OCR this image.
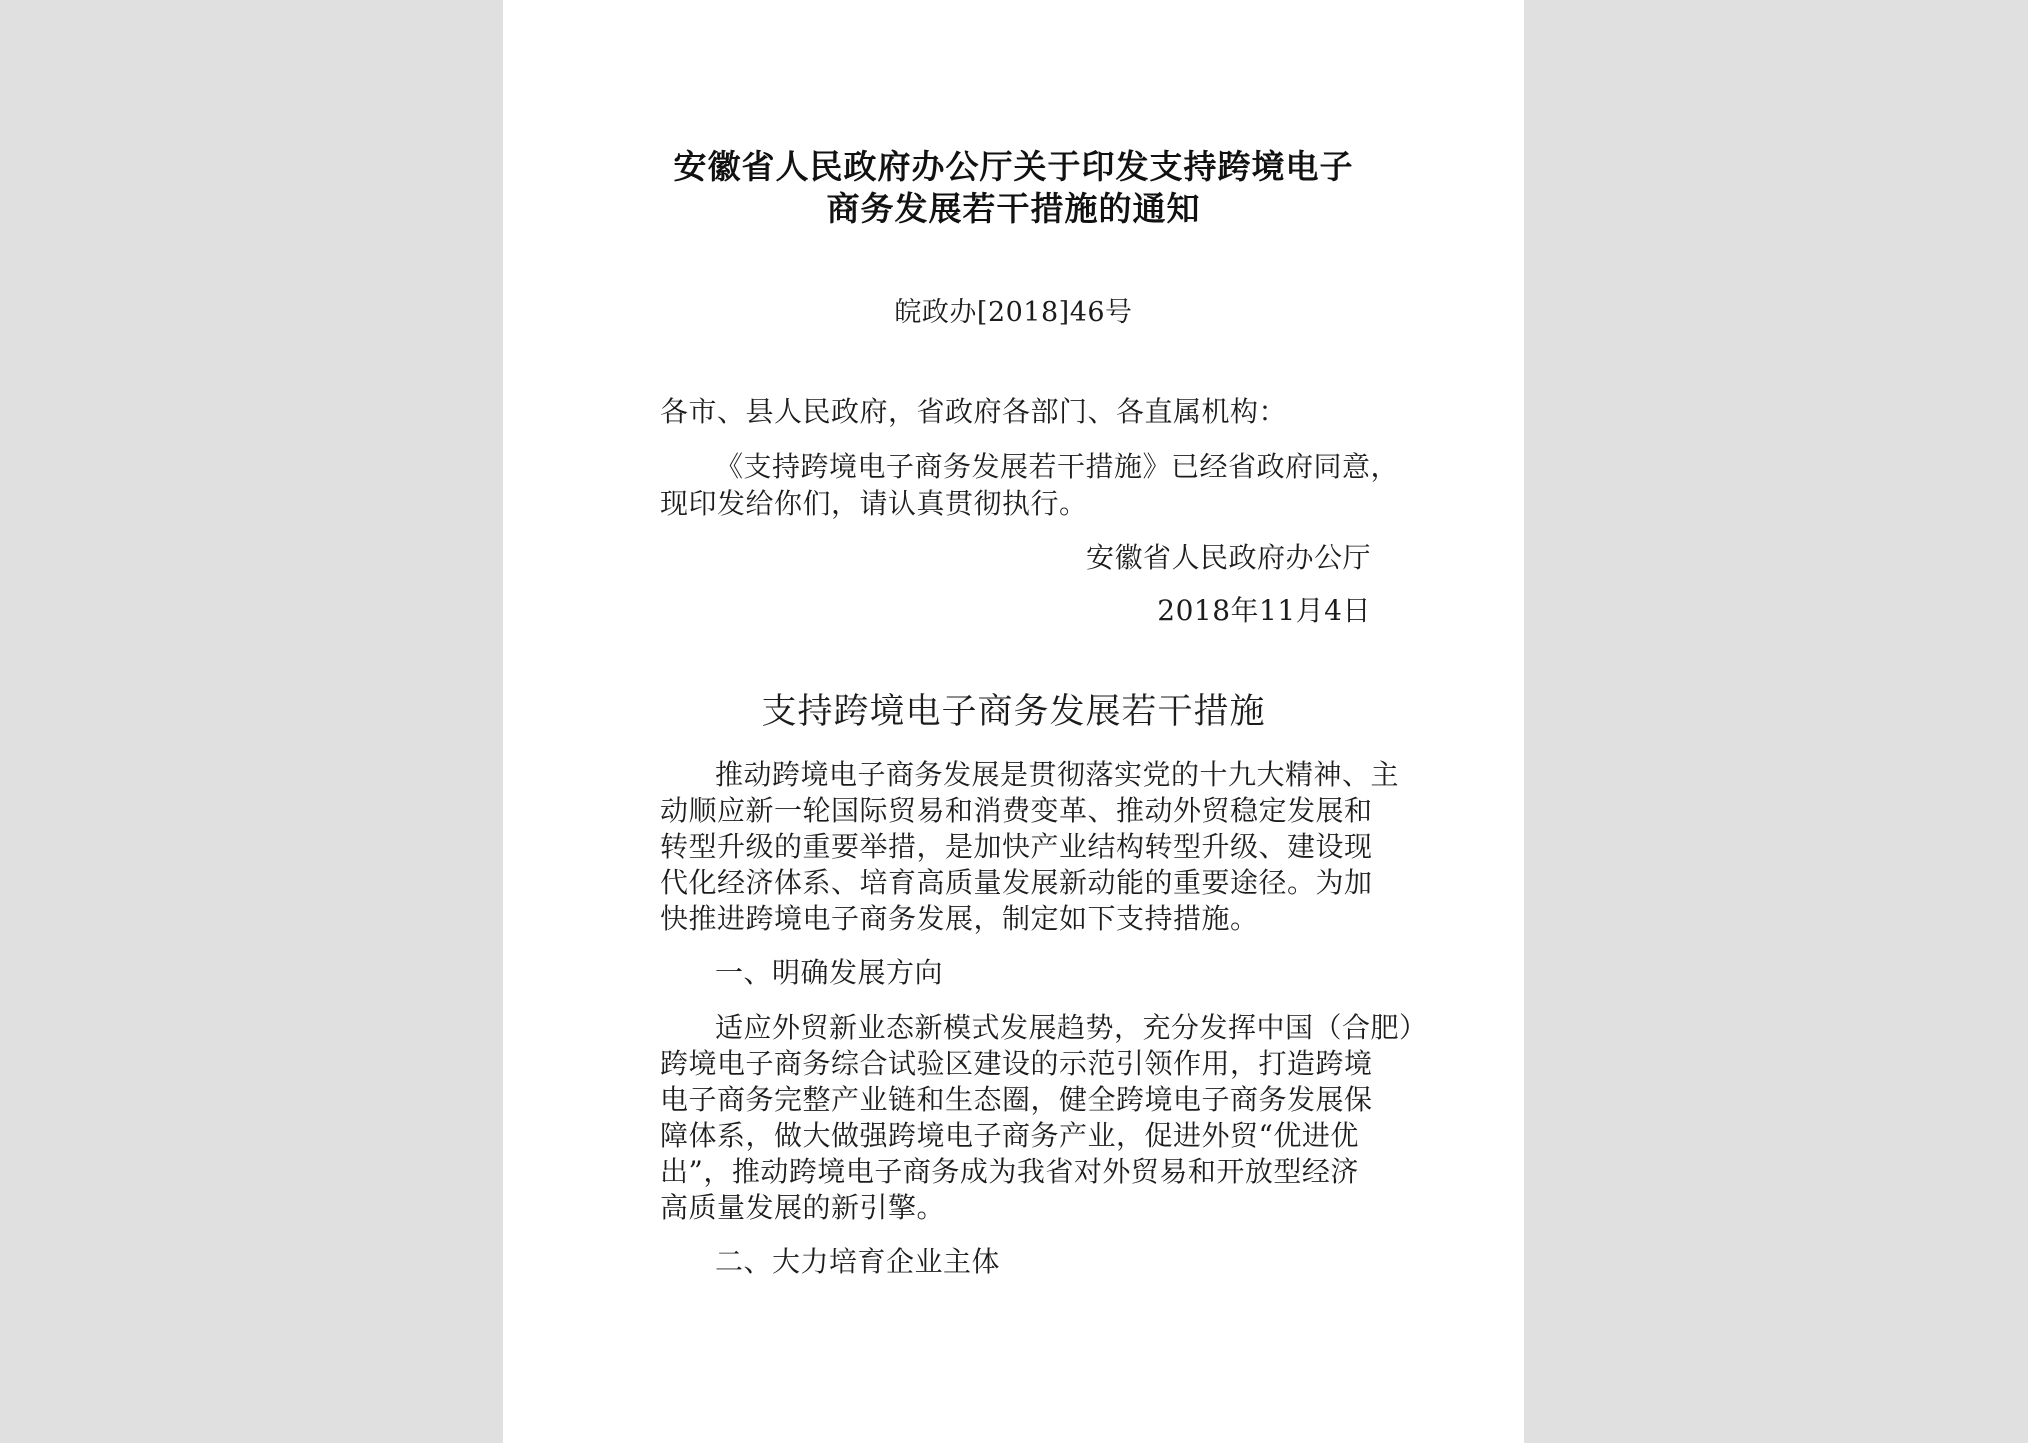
安徽省人民政府办公厅关于印发支持跨境电子
商务发展若干措施的通知
皖政办[2018]46号
各市、县人民政府，省政府各部门、各直属机构：
《支持跨境电子商务发展若干措施》已经省政府同意，
现印发给你们，请认真贯彻执行。
安徽省人民政府办公厅
2018年11月4日
支持跨境电子商务发展若干措施
推动跨境电子商务发展是贯彻落实党的十九大精神、主
动顺应新一轮国际贸易和消费变革、推动外贸稳定发展和
转型升级的重要举措，是加快产业结构转型升级、建设现
代化经济体系、培育高质量发展新动能的重要途径。为加
快推进跨境电子商务发展，制定如下支持措施。
一、明确发展方向
适应外贸新业态新模式发展趋势，充分发挥中国（合肥）
跨境电子商务综合试验区建设的示范引领作用，打造跨境
电子商务完整产业链和生态圈，健全跨境电子商务发展保
障体系，做大做强跨境电子商务产业，促进外贸“优进优
出”，推动跨境电子商务成为我省对外贸易和开放型经济
高质量发展的新引擎。
二、大力培育企业主体
